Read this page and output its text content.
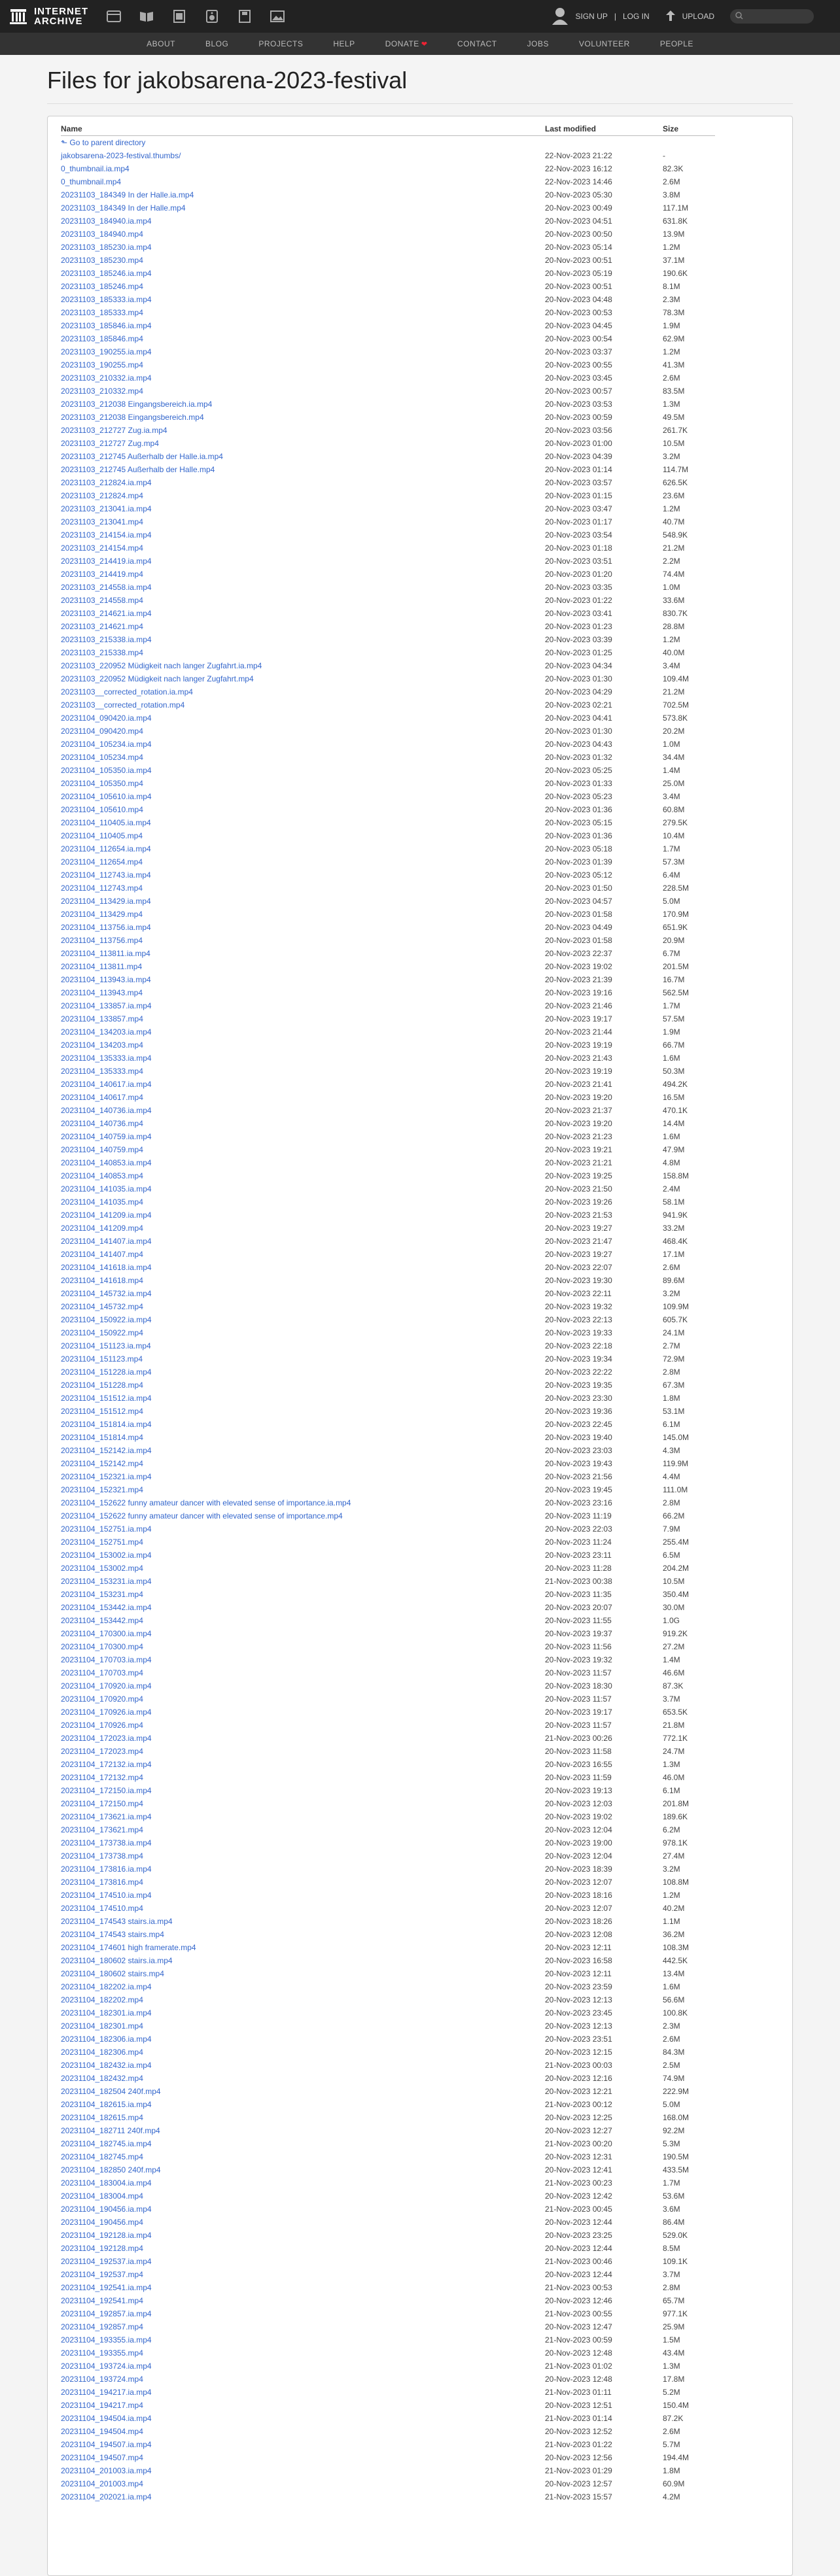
INTERNET
ARCHIVE	SIGN UP | LOG IN	UPLOAD
ABOUT	BLOG	PROJECTS	HELP	DONATE ❤	CONTACT	JOBS	VOLUNTEER	PEOPLE
Files for jakobsarena-2023-festival
Name	Last modified	Size
⬑ Go to parent directory		
jakobsarena-2023-festival.thumbs/	22-Nov-2023 21:22	-
0_thumbnail.ia.mp4	22-Nov-2023 16:12	82.3K
0_thumbnail.mp4	22-Nov-2023 14:46	2.6M
20231103_184349 In der Halle.ia.mp4	20-Nov-2023 05:30	3.8M
20231103_184349 In der Halle.mp4	20-Nov-2023 00:49	117.1M
20231103_184940.ia.mp4	20-Nov-2023 04:51	631.8K
20231103_184940.mp4	20-Nov-2023 00:50	13.9M
20231103_185230.ia.mp4	20-Nov-2023 05:14	1.2M
20231103_185230.mp4	20-Nov-2023 00:51	37.1M
20231103_185246.ia.mp4	20-Nov-2023 05:19	190.6K
20231103_185246.mp4	20-Nov-2023 00:51	8.1M
20231103_185333.ia.mp4	20-Nov-2023 04:48	2.3M
20231103_185333.mp4	20-Nov-2023 00:53	78.3M
20231103_185846.ia.mp4	20-Nov-2023 04:45	1.9M
20231103_185846.mp4	20-Nov-2023 00:54	62.9M
20231103_190255.ia.mp4	20-Nov-2023 03:37	1.2M
20231103_190255.mp4	20-Nov-2023 00:55	41.3M
20231103_210332.ia.mp4	20-Nov-2023 03:45	2.6M
20231103_210332.mp4	20-Nov-2023 00:57	83.5M
20231103_212038 Eingangsbereich.ia.mp4	20-Nov-2023 03:53	1.3M
20231103_212038 Eingangsbereich.mp4	20-Nov-2023 00:59	49.5M
20231103_212727 Zug.ia.mp4	20-Nov-2023 03:56	261.7K
20231103_212727 Zug.mp4	20-Nov-2023 01:00	10.5M
20231103_212745 Außerhalb der Halle.ia.mp4	20-Nov-2023 04:39	3.2M
20231103_212745 Außerhalb der Halle.mp4	20-Nov-2023 01:14	114.7M
20231103_212824.ia.mp4	20-Nov-2023 03:57	626.5K
20231103_212824.mp4	20-Nov-2023 01:15	23.6M
20231103_213041.ia.mp4	20-Nov-2023 03:47	1.2M
20231103_213041.mp4	20-Nov-2023 01:17	40.7M
20231103_214154.ia.mp4	20-Nov-2023 03:54	548.9K
20231103_214154.mp4	20-Nov-2023 01:18	21.2M
20231103_214419.ia.mp4	20-Nov-2023 03:51	2.2M
20231103_214419.mp4	20-Nov-2023 01:20	74.4M
20231103_214558.ia.mp4	20-Nov-2023 03:35	1.0M
20231103_214558.mp4	20-Nov-2023 01:22	33.6M
20231103_214621.ia.mp4	20-Nov-2023 03:41	830.7K
20231103_214621.mp4	20-Nov-2023 01:23	28.8M
20231103_215338.ia.mp4	20-Nov-2023 03:39	1.2M
20231103_215338.mp4	20-Nov-2023 01:25	40.0M
20231103_220952 Müdigkeit nach langer Zugfahrt.ia.mp4	20-Nov-2023 04:34	3.4M
20231103_220952 Müdigkeit nach langer Zugfahrt.mp4	20-Nov-2023 01:30	109.4M
20231103__corrected_rotation.ia.mp4	20-Nov-2023 04:29	21.2M
20231103__corrected_rotation.mp4	20-Nov-2023 02:21	702.5M
20231104_090420.ia.mp4	20-Nov-2023 04:41	573.8K
20231104_090420.mp4	20-Nov-2023 01:30	20.2M
20231104_105234.ia.mp4	20-Nov-2023 04:43	1.0M
20231104_105234.mp4	20-Nov-2023 01:32	34.4M
20231104_105350.ia.mp4	20-Nov-2023 05:25	1.4M
20231104_105350.mp4	20-Nov-2023 01:33	25.0M
20231104_105610.ia.mp4	20-Nov-2023 05:23	3.4M
20231104_105610.mp4	20-Nov-2023 01:36	60.8M
20231104_110405.ia.mp4	20-Nov-2023 05:15	279.5K
20231104_110405.mp4	20-Nov-2023 01:36	10.4M
20231104_112654.ia.mp4	20-Nov-2023 05:18	1.7M
20231104_112654.mp4	20-Nov-2023 01:39	57.3M
20231104_112743.ia.mp4	20-Nov-2023 05:12	6.4M
20231104_112743.mp4	20-Nov-2023 01:50	228.5M
20231104_113429.ia.mp4	20-Nov-2023 04:57	5.0M
20231104_113429.mp4	20-Nov-2023 01:58	170.9M
20231104_113756.ia.mp4	20-Nov-2023 04:49	651.9K
20231104_113756.mp4	20-Nov-2023 01:58	20.9M
20231104_113811.ia.mp4	20-Nov-2023 22:37	6.7M
20231104_113811.mp4	20-Nov-2023 19:02	201.5M
20231104_113943.ia.mp4	20-Nov-2023 21:39	16.7M
20231104_113943.mp4	20-Nov-2023 19:16	562.5M
20231104_133857.ia.mp4	20-Nov-2023 21:46	1.7M
20231104_133857.mp4	20-Nov-2023 19:17	57.5M
20231104_134203.ia.mp4	20-Nov-2023 21:44	1.9M
20231104_134203.mp4	20-Nov-2023 19:19	66.7M
20231104_135333.ia.mp4	20-Nov-2023 21:43	1.6M
20231104_135333.mp4	20-Nov-2023 19:19	50.3M
20231104_140617.ia.mp4	20-Nov-2023 21:41	494.2K
20231104_140617.mp4	20-Nov-2023 19:20	16.5M
20231104_140736.ia.mp4	20-Nov-2023 21:37	470.1K
20231104_140736.mp4	20-Nov-2023 19:20	14.4M
20231104_140759.ia.mp4	20-Nov-2023 21:23	1.6M
20231104_140759.mp4	20-Nov-2023 19:21	47.9M
20231104_140853.ia.mp4	20-Nov-2023 21:21	4.8M
20231104_140853.mp4	20-Nov-2023 19:25	158.8M
20231104_141035.ia.mp4	20-Nov-2023 21:50	2.4M
20231104_141035.mp4	20-Nov-2023 19:26	58.1M
20231104_141209.ia.mp4	20-Nov-2023 21:53	941.9K
20231104_141209.mp4	20-Nov-2023 19:27	33.2M
20231104_141407.ia.mp4	20-Nov-2023 21:47	468.4K
20231104_141407.mp4	20-Nov-2023 19:27	17.1M
20231104_141618.ia.mp4	20-Nov-2023 22:07	2.6M
20231104_141618.mp4	20-Nov-2023 19:30	89.6M
20231104_145732.ia.mp4	20-Nov-2023 22:11	3.2M
20231104_145732.mp4	20-Nov-2023 19:32	109.9M
20231104_150922.ia.mp4	20-Nov-2023 22:13	605.7K
20231104_150922.mp4	20-Nov-2023 19:33	24.1M
20231104_151123.ia.mp4	20-Nov-2023 22:18	2.7M
20231104_151123.mp4	20-Nov-2023 19:34	72.9M
20231104_151228.ia.mp4	20-Nov-2023 22:22	2.8M
20231104_151228.mp4	20-Nov-2023 19:35	67.3M
20231104_151512.ia.mp4	20-Nov-2023 23:30	1.8M
20231104_151512.mp4	20-Nov-2023 19:36	53.1M
20231104_151814.ia.mp4	20-Nov-2023 22:45	6.1M
20231104_151814.mp4	20-Nov-2023 19:40	145.0M
20231104_152142.ia.mp4	20-Nov-2023 23:03	4.3M
20231104_152142.mp4	20-Nov-2023 19:43	119.9M
20231104_152321.ia.mp4	20-Nov-2023 21:56	4.4M
20231104_152321.mp4	20-Nov-2023 19:45	111.0M
20231104_152622 funny amateur dancer with elevated sense of importance.ia.mp4	20-Nov-2023 23:16	2.8M
20231104_152622 funny amateur dancer with elevated sense of importance.mp4	20-Nov-2023 11:19	66.2M
20231104_152751.ia.mp4	20-Nov-2023 22:03	7.9M
20231104_152751.mp4	20-Nov-2023 11:24	255.4M
20231104_153002.ia.mp4	20-Nov-2023 23:11	6.5M
20231104_153002.mp4	20-Nov-2023 11:28	204.2M
20231104_153231.ia.mp4	21-Nov-2023 00:38	10.5M
20231104_153231.mp4	20-Nov-2023 11:35	350.4M
20231104_153442.ia.mp4	20-Nov-2023 20:07	30.0M
20231104_153442.mp4	20-Nov-2023 11:55	1.0G
20231104_170300.ia.mp4	20-Nov-2023 19:37	919.2K
20231104_170300.mp4	20-Nov-2023 11:56	27.2M
20231104_170703.ia.mp4	20-Nov-2023 19:32	1.4M
20231104_170703.mp4	20-Nov-2023 11:57	46.6M
20231104_170920.ia.mp4	20-Nov-2023 18:30	87.3K
20231104_170920.mp4	20-Nov-2023 11:57	3.7M
20231104_170926.ia.mp4	20-Nov-2023 19:17	653.5K
20231104_170926.mp4	20-Nov-2023 11:57	21.8M
20231104_172023.ia.mp4	21-Nov-2023 00:26	772.1K
20231104_172023.mp4	20-Nov-2023 11:58	24.7M
20231104_172132.ia.mp4	20-Nov-2023 16:55	1.3M
20231104_172132.mp4	20-Nov-2023 11:59	46.0M
20231104_172150.ia.mp4	20-Nov-2023 19:13	6.1M
20231104_172150.mp4	20-Nov-2023 12:03	201.8M
20231104_173621.ia.mp4	20-Nov-2023 19:02	189.6K
20231104_173621.mp4	20-Nov-2023 12:04	6.2M
20231104_173738.ia.mp4	20-Nov-2023 19:00	978.1K
20231104_173738.mp4	20-Nov-2023 12:04	27.4M
20231104_173816.ia.mp4	20-Nov-2023 18:39	3.2M
20231104_173816.mp4	20-Nov-2023 12:07	108.8M
20231104_174510.ia.mp4	20-Nov-2023 18:16	1.2M
20231104_174510.mp4	20-Nov-2023 12:07	40.2M
20231104_174543 stairs.ia.mp4	20-Nov-2023 18:26	1.1M
20231104_174543 stairs.mp4	20-Nov-2023 12:08	36.2M
20231104_174601 high framerate.mp4	20-Nov-2023 12:11	108.3M
20231104_180602 stairs.ia.mp4	20-Nov-2023 16:58	442.5K
20231104_180602 stairs.mp4	20-Nov-2023 12:11	13.4M
20231104_182202.ia.mp4	20-Nov-2023 23:59	1.6M
20231104_182202.mp4	20-Nov-2023 12:13	56.6M
20231104_182301.ia.mp4	20-Nov-2023 23:45	100.8K
20231104_182301.mp4	20-Nov-2023 12:13	2.3M
20231104_182306.ia.mp4	20-Nov-2023 23:51	2.6M
20231104_182306.mp4	20-Nov-2023 12:15	84.3M
20231104_182432.ia.mp4	21-Nov-2023 00:03	2.5M
20231104_182432.mp4	20-Nov-2023 12:16	74.9M
20231104_182504 240f.mp4	20-Nov-2023 12:21	222.9M
20231104_182615.ia.mp4	21-Nov-2023 00:12	5.0M
20231104_182615.mp4	20-Nov-2023 12:25	168.0M
20231104_182711 240f.mp4	20-Nov-2023 12:27	92.2M
20231104_182745.ia.mp4	21-Nov-2023 00:20	5.3M
20231104_182745.mp4	20-Nov-2023 12:31	190.5M
20231104_182850 240f.mp4	20-Nov-2023 12:41	433.5M
20231104_183004.ia.mp4	21-Nov-2023 00:23	1.7M
20231104_183004.mp4	20-Nov-2023 12:42	53.6M
20231104_190456.ia.mp4	21-Nov-2023 00:45	3.6M
20231104_190456.mp4	20-Nov-2023 12:44	86.4M
20231104_192128.ia.mp4	20-Nov-2023 23:25	529.0K
20231104_192128.mp4	20-Nov-2023 12:44	8.5M
20231104_192537.ia.mp4	21-Nov-2023 00:46	109.1K
20231104_192537.mp4	20-Nov-2023 12:44	3.7M
20231104_192541.ia.mp4	21-Nov-2023 00:53	2.8M
20231104_192541.mp4	20-Nov-2023 12:46	65.7M
20231104_192857.ia.mp4	21-Nov-2023 00:55	977.1K
20231104_192857.mp4	20-Nov-2023 12:47	25.9M
20231104_193355.ia.mp4	21-Nov-2023 00:59	1.5M
20231104_193355.mp4	20-Nov-2023 12:48	43.4M
20231104_193724.ia.mp4	21-Nov-2023 01:02	1.3M
20231104_193724.mp4	20-Nov-2023 12:48	17.8M
20231104_194217.ia.mp4	21-Nov-2023 01:11	5.2M
20231104_194217.mp4	20-Nov-2023 12:51	150.4M
20231104_194504.ia.mp4	21-Nov-2023 01:14	87.2K
20231104_194504.mp4	20-Nov-2023 12:52	2.6M
20231104_194507.ia.mp4	21-Nov-2023 01:22	5.7M
20231104_194507.mp4	20-Nov-2023 12:56	194.4M
20231104_201003.ia.mp4	21-Nov-2023 01:29	1.8M
20231104_201003.mp4	20-Nov-2023 12:57	60.9M
20231104_202021.ia.mp4	21-Nov-2023 15:57	4.2M
